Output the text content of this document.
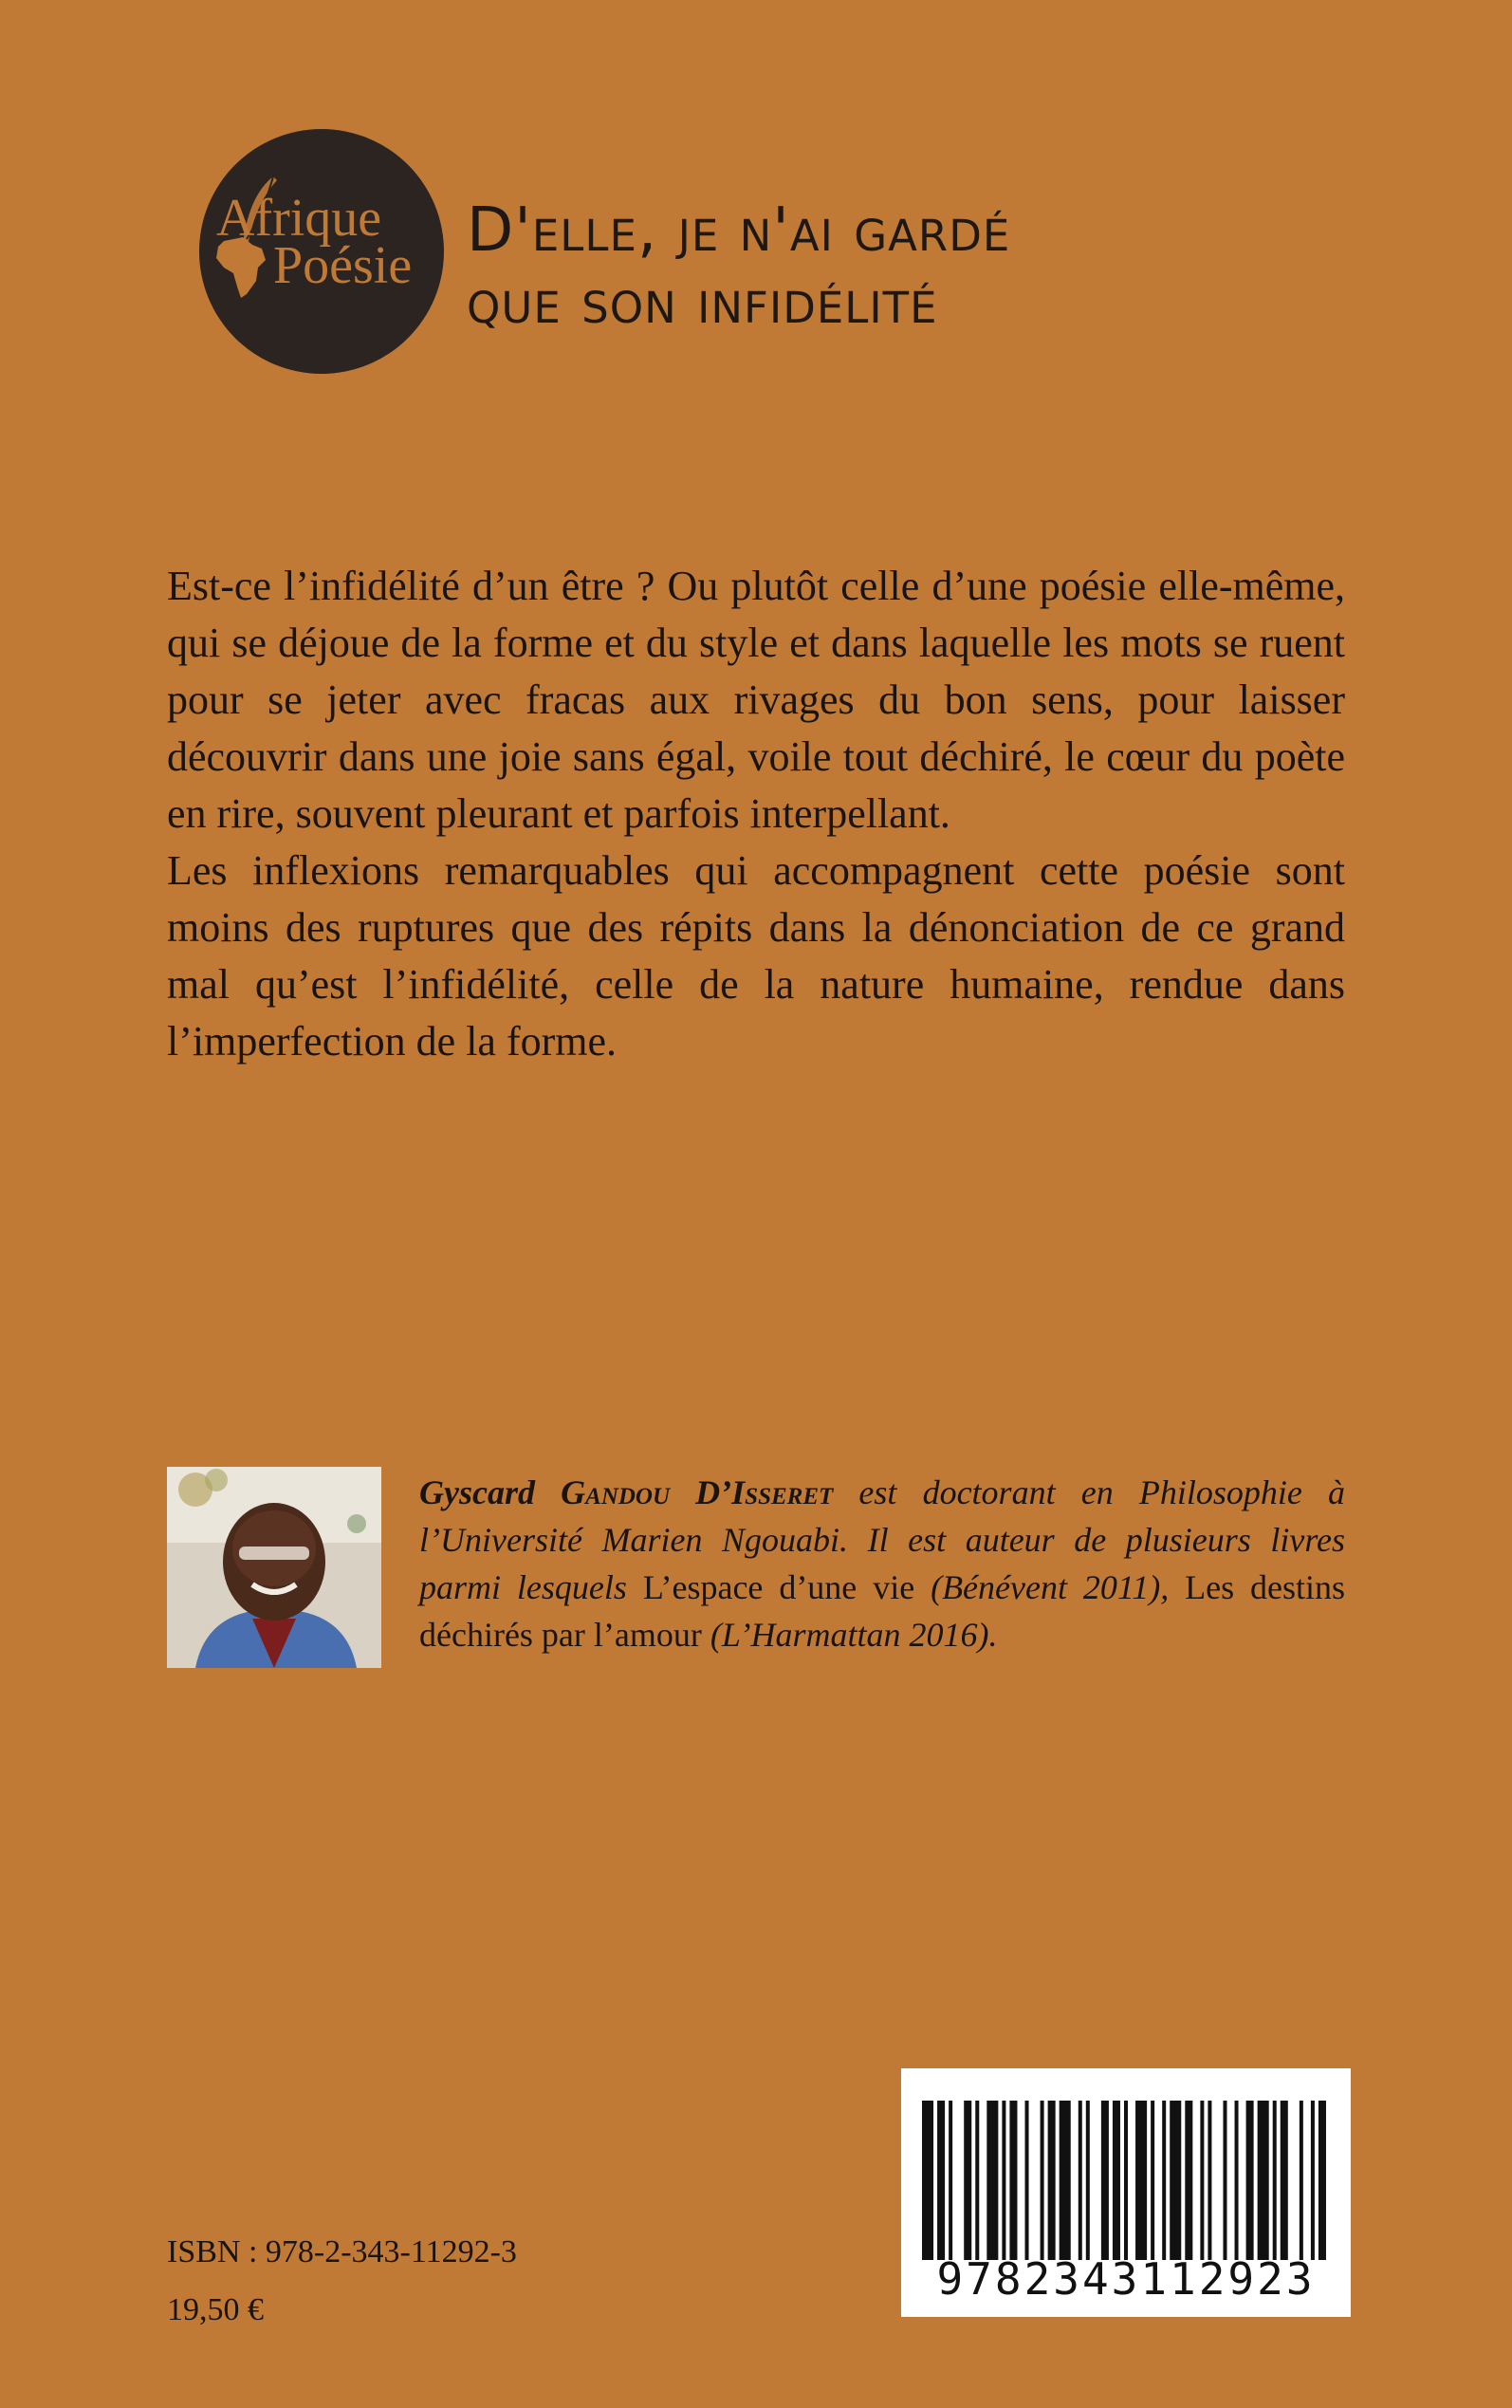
Afrique
Poésie D'elle, je n'ai gardé
que son infidélité

Est-ce l’infidélité d’un être ? Ou plutôt celle d’une poésie elle-même, qui se déjoue de la forme et du style et dans laquelle les mots se ruent pour se jeter avec fracas aux rivages du bon sens, pour laisser découvrir dans une joie sans égal, voile tout déchiré, le cœur du poète en rire, souvent pleurant et parfois interpellant.

Les inflexions remarquables qui accompagnent cette poésie sont moins des ruptures que des répits dans la dénonciation de ce grand mal qu’est l’infidélité, celle de la nature humaine, rendue dans l’imperfection de la forme.

Gyscard Gandou D’Isseret est doctorant en Philosophie à l’Université Marien Ngouabi. Il est auteur de plusieurs livres parmi lesquels L’espace d’une vie (Bénévent 2011), Les destins déchirés par l’amour (L’Harmattan 2016).
ISBN : 978-2-343-11292-3
19,50 €
9782343112923
